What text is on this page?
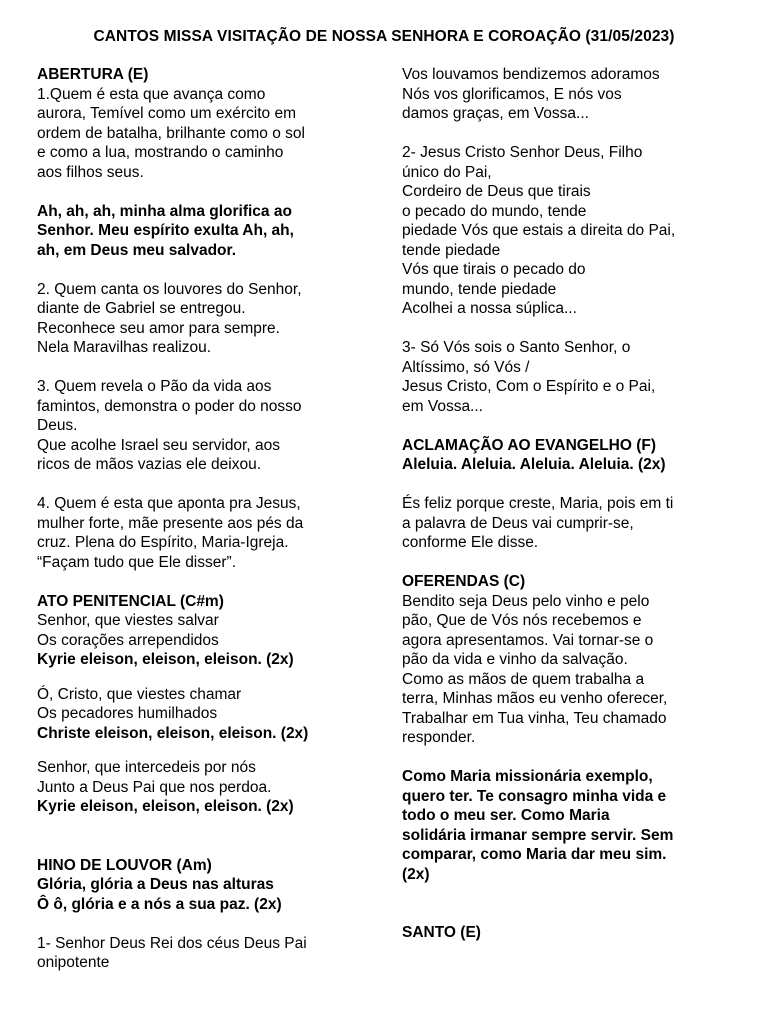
CANTOS MISSA VISITAÇÃO DE NOSSA SENHORA E COROAÇÃO (31/05/2023)
ABERTURA (E)
1.Quem é esta que avança como
aurora, Temível como um exército em
ordem de batalha, brilhante como o sol
e como a lua, mostrando o caminho
aos filhos seus.
Ah, ah, ah, minha alma glorifica ao
Senhor. Meu espírito exulta Ah, ah,
ah, em Deus meu salvador.
2. Quem canta os louvores do Senhor,
diante de Gabriel se entregou.
Reconhece seu amor para sempre.
Nela Maravilhas realizou.
3. Quem revela o Pão da vida aos
famintos, demonstra o poder do nosso
Deus.
Que acolhe Israel seu servidor, aos
ricos de mãos vazias ele deixou.
4. Quem é esta que aponta pra Jesus,
mulher forte, mãe presente aos pés da
cruz. Plena do Espírito, Maria-Igreja.
“Façam tudo que Ele disser”.
ATO PENITENCIAL (C#m)
Senhor, que viestes salvar
Os corações arrependidos
Kyrie eleison, eleison, eleison. (2x)
Ó, Cristo, que viestes chamar
Os pecadores humilhados
Christe eleison, eleison, eleison. (2x)
Senhor, que intercedeis por nós
Junto a Deus Pai que nos perdoa.
Kyrie eleison, eleison, eleison. (2x)
HINO DE LOUVOR (Am)
Glória, glória a Deus nas alturas
Ô ô, glória e a nós a sua paz. (2x)
1- Senhor Deus Rei dos céus Deus Pai
onipotente
Vos louvamos bendizemos adoramos
Nós vos glorificamos, E nós vos
damos graças, em Vossa...
2- Jesus Cristo Senhor Deus, Filho
único do Pai,
Cordeiro de Deus que tirais
o pecado do mundo, tende
piedade Vós que estais a direita do Pai,
tende piedade
Vós que tirais o pecado do
mundo, tende piedade
Acolhei a nossa súplica...
3- Só Vós sois o Santo Senhor, o
Altíssimo, só Vós /
Jesus Cristo, Com o Espírito e o Pai,
em Vossa...
ACLAMAÇÃO AO EVANGELHO (F)
Aleluia. Aleluia. Aleluia. Aleluia. (2x)
És feliz porque creste, Maria, pois em ti
a palavra de Deus vai cumprir-se,
conforme Ele disse.
OFERENDAS (C)
Bendito seja Deus pelo vinho e pelo
pão, Que de Vós nós recebemos e
agora apresentamos. Vai tornar-se o
pão da vida e vinho da salvação.
Como as mãos de quem trabalha a
terra, Minhas mãos eu venho oferecer,
Trabalhar em Tua vinha, Teu chamado
responder.
Como Maria missionária exemplo,
quero ter. Te consagro minha vida e
todo o meu ser. Como Maria
solidária irmanar sempre servir. Sem
comparar, como Maria dar meu sim.
(2x)
SANTO (E)
